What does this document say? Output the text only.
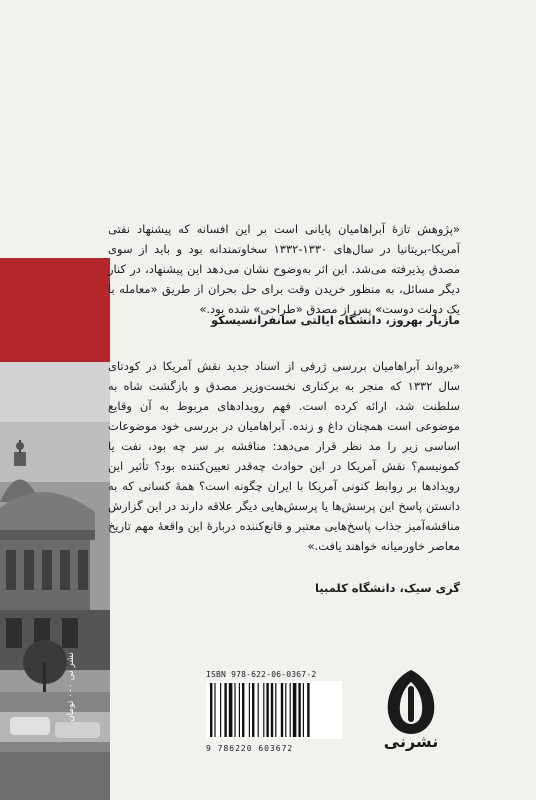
نشر نی ۰۰۰ تومان

«پژوهش تازهٔ آبراهامیان پایانی است بر این افسانه که پیشنهاد نفتی آمریکا-بریتانیا در سال‌های ۱۳۳۰-۱۳۳۲ سخاوتمندانه بود و باید از سوی مصدق پذیرفته می‌شد. این اثر به‌وضوح نشان می‌دهد این پیشنهاد، در کنار دیگر مسائل، به منظور خریدن وقت برای حل بحران از طریق «معامله با یک دولت دوست» پس از مصدق «طراحی» شده بود.»

مازیار بهروز، دانشگاه ایالتی سانفرانسیسکو

«یرواند آبراهامیان بررسی ژرفی از اسناد جدید نقش آمریکا در کودتای سال ۱۳۳۲ که منجر به برکناری نخست‌وزیر مصدق و بازگشت شاه به سلطنت شد، ارائه کرده است. فهم رویدادهای مربوط به آن وقایع موضوعی است همچنان داغ و زنده. آبراهامیان در بررسی خود موضوعات اساسی زیر را مد نظر قرار می‌دهد: مناقشه بر سر چه بود، نفت یا کمونیسم؟ نقش آمریکا در این حوادث چه‌قدر تعیین‌کننده بود؟ تأثیر این رویدادها بر روابط کنونی آمریکا با ایران چگونه است؟ همهٔ کسانی که به دانستن پاسخ این پرسش‌ها یا پرسش‌هایی دیگر علاقه دارند در این گزارش مناقشه‌آمیز جذاب پاسخ‌هایی معتبر و قانع‌کننده دربارهٔ این واقعهٔ مهم تاریخ معاصر خاورمیانه خواهند یافت.»

گری سیک، دانشگاه کلمبیا
ISBN 978-622-06-0367-2
9 786220 603672	نشرنی
